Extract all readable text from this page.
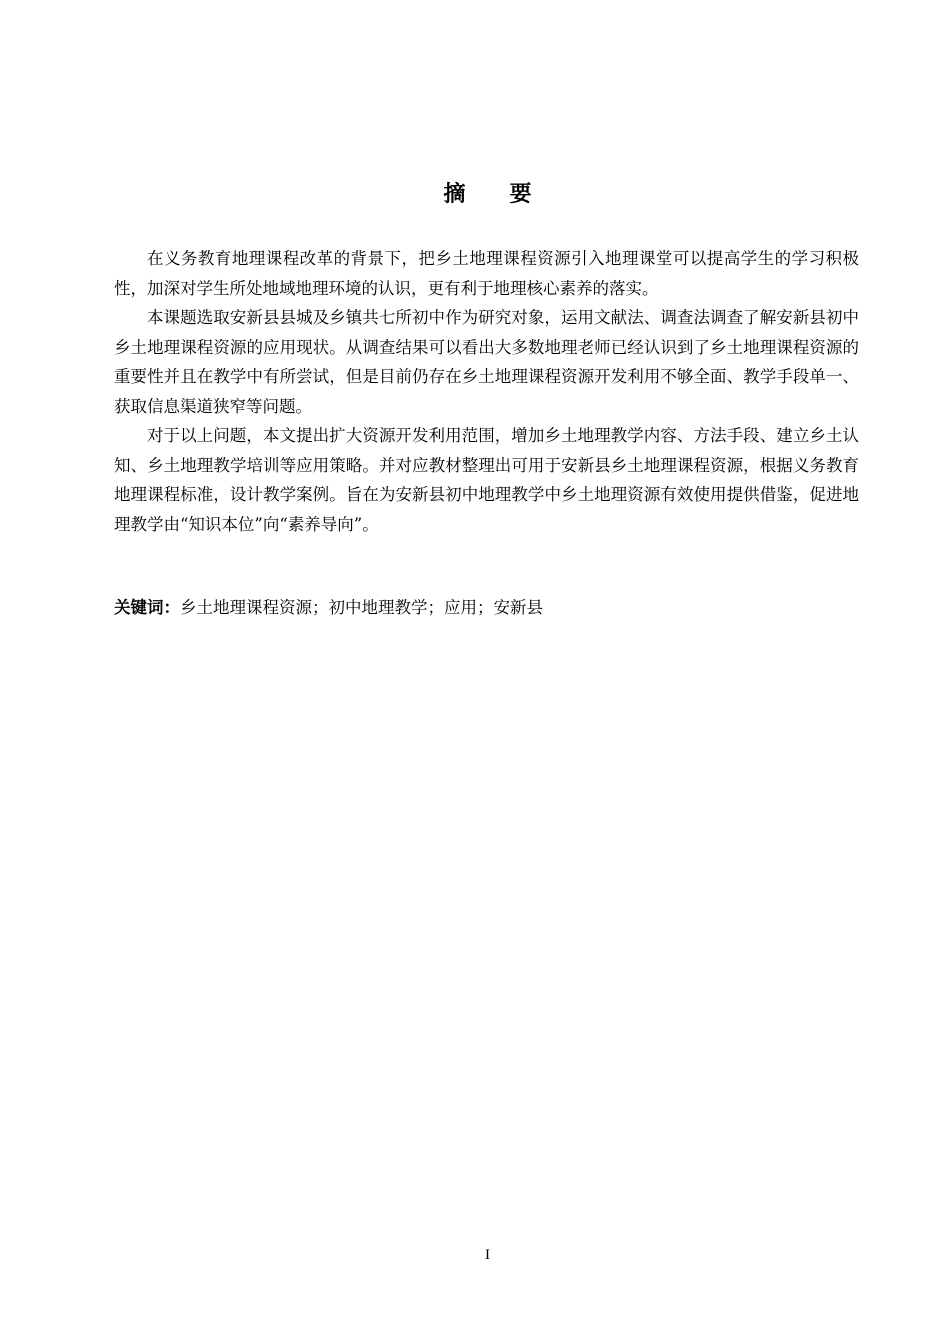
摘　　要

在义务教育地理课程改革的背景下，把乡土地理课程资源引入地理课堂可以提高学生的学习积极性，加深对学生所处地域地理环境的认识，更有利于地理核心素养的落实。

本课题选取安新县县城及乡镇共七所初中作为研究对象，运用文献法、调查法调查了解安新县初中乡土地理课程资源的应用现状。从调查结果可以看出大多数地理老师已经认识到了乡土地理课程资源的重要性并且在教学中有所尝试，但是目前仍存在乡土地理课程资源开发利用不够全面、教学手段单一、获取信息渠道狭窄等问题。

对于以上问题，本文提出扩大资源开发利用范围，增加乡土地理教学内容、方法手段、建立乡土认知、乡土地理教学培训等应用策略。并对应教材整理出可用于安新县乡土地理课程资源，根据义务教育地理课程标准，设计教学案例。旨在为安新县初中地理教学中乡土地理资源有效使用提供借鉴，促进地理教学由“知识本位”向“素养导向”。

关键词：乡土地理课程资源；初中地理教学；应用；安新县
I
